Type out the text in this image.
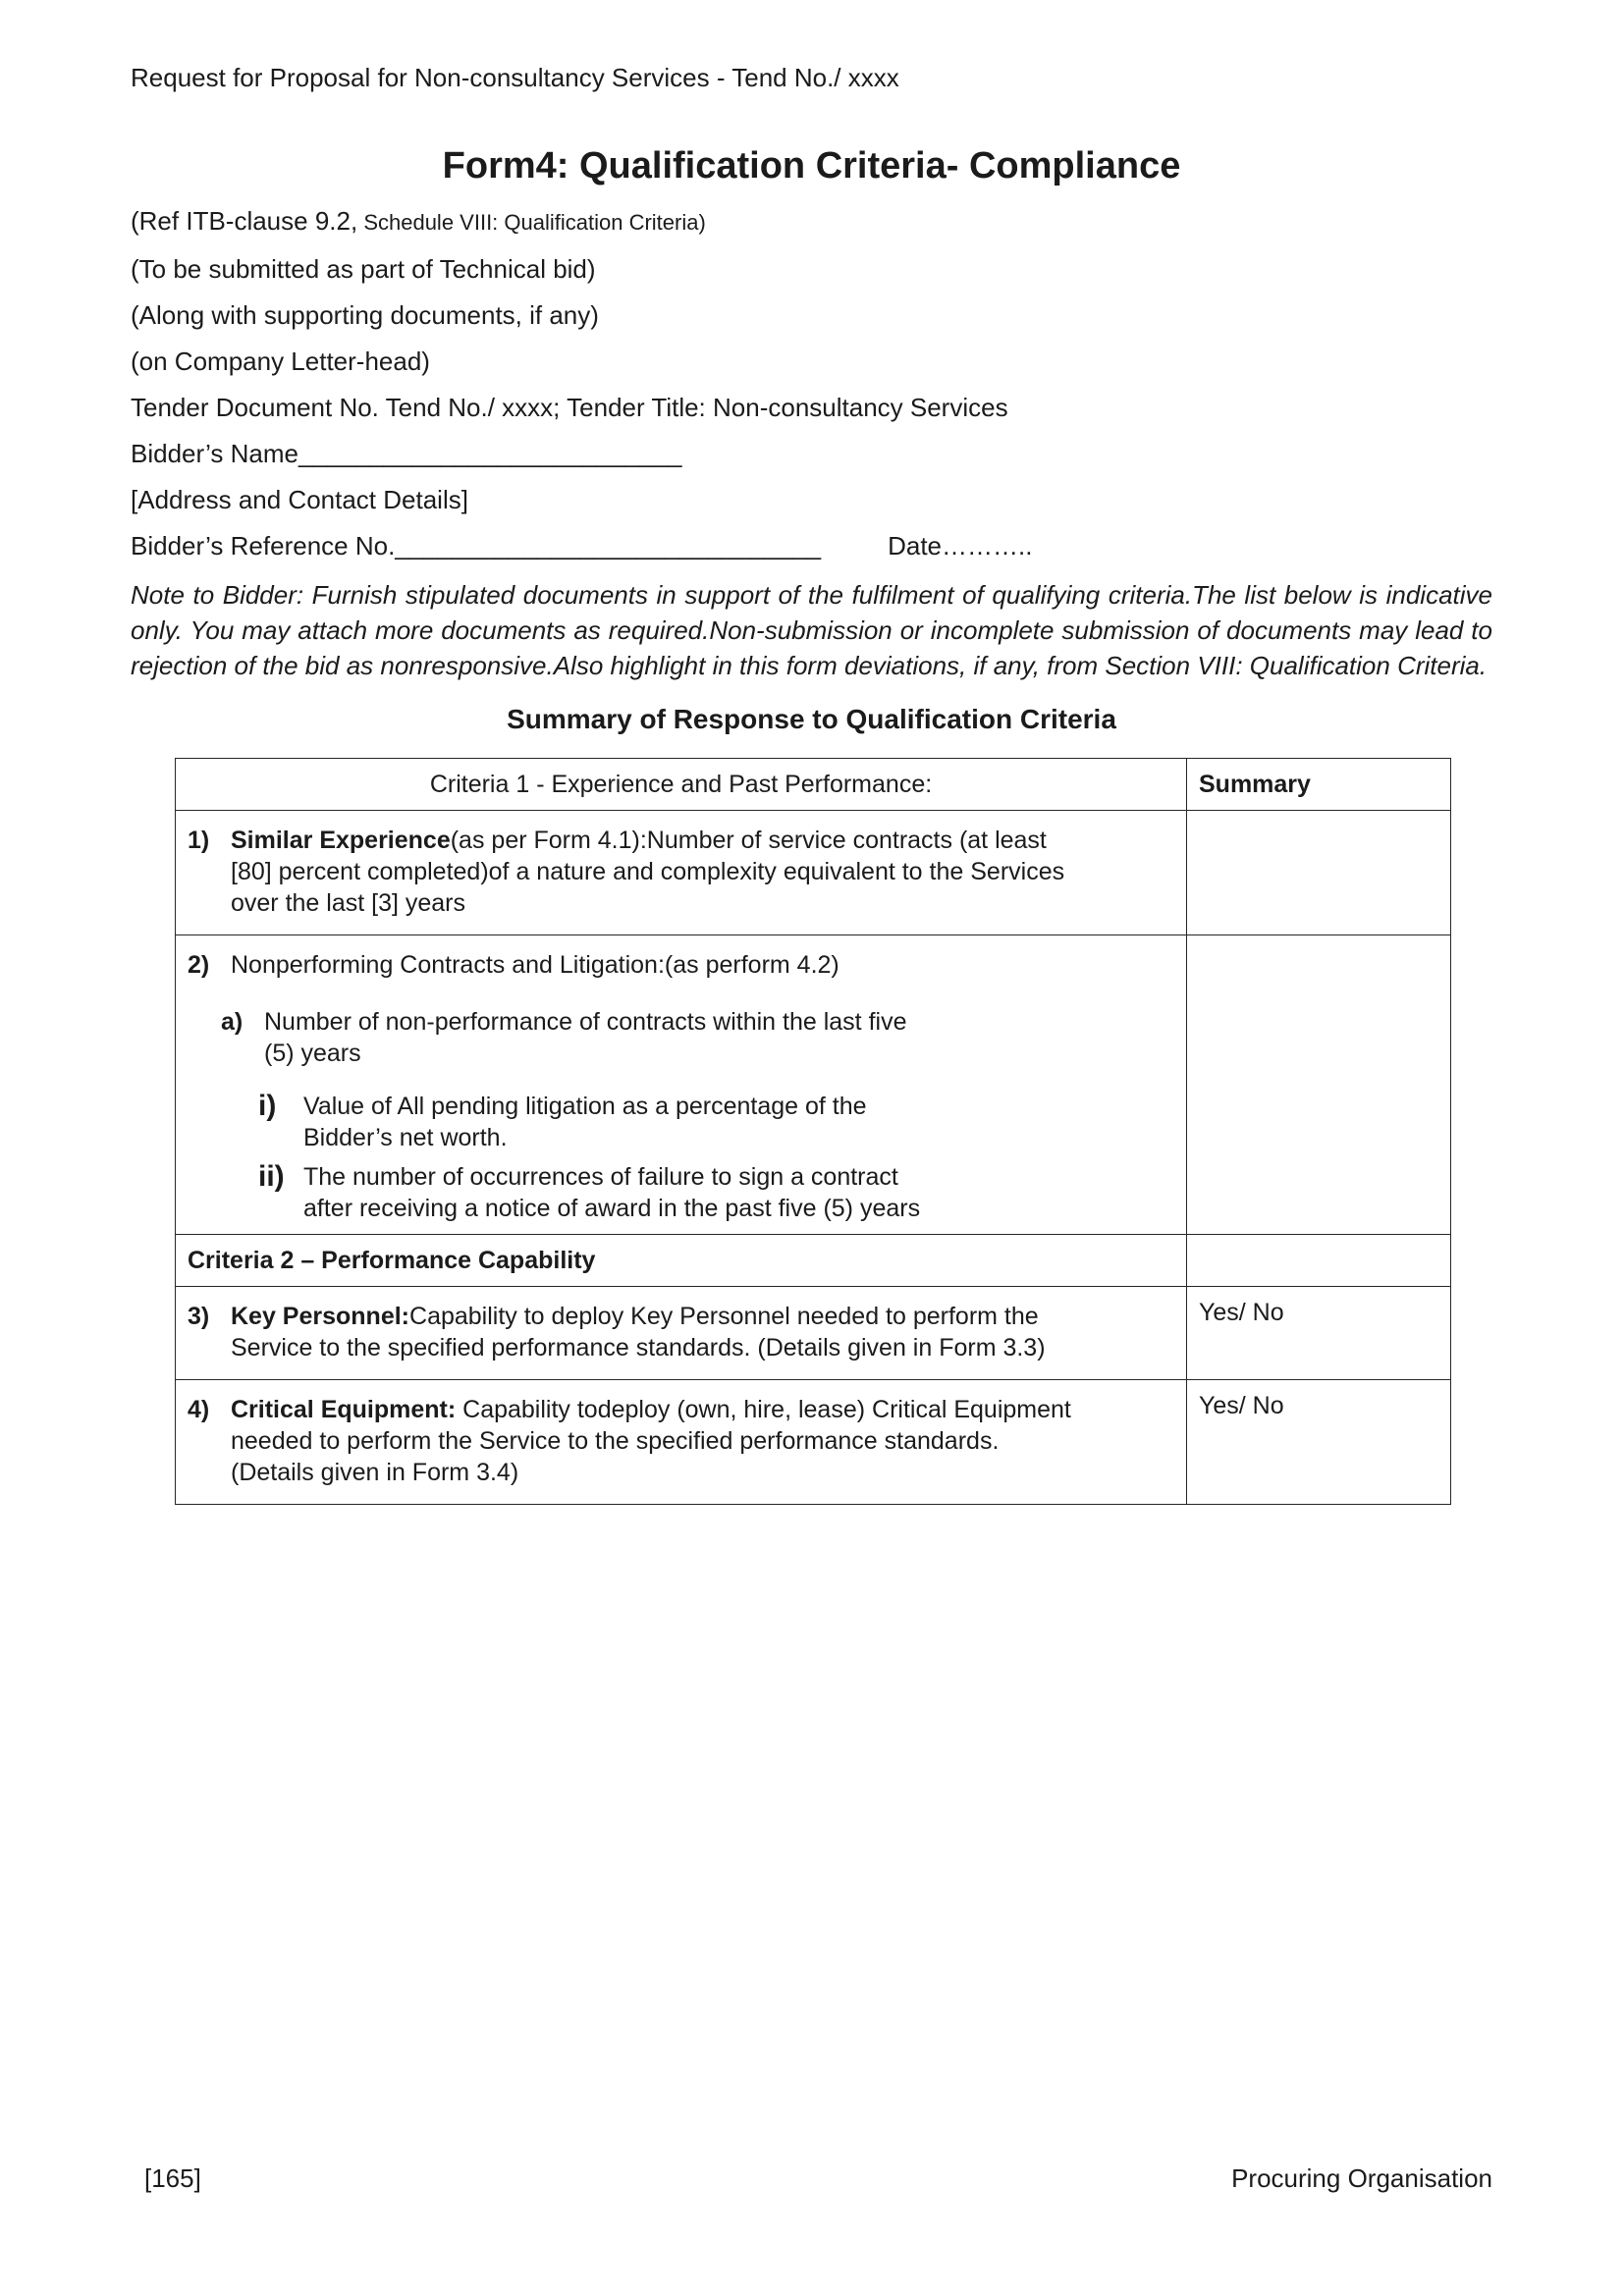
Request for Proposal for Non-consultancy Services - Tend No./ xxxx
Form4: Qualification Criteria- Compliance

(Ref ITB-clause 9.2, Schedule VIII: Qualification Criteria)

(To be submitted as part of Technical bid)

(Along with supporting documents, if any)

(on Company Letter-head)

Tender Document No. Tend No./ xxxx; Tender Title: Non-consultancy Services

Bidder’s Name___________________________

[Address and Contact Details]

Bidder’s Reference No.______________________________	Date………..

Note to Bidder: Furnish stipulated documents in support of the fulfilment of qualifying criteria.The list below is indicative only. You may attach more documents as required.Non-submission or incomplete submission of documents may lead to rejection of the bid as nonresponsive.Also highlight in this form deviations, if any, from Section VIII: Qualification Criteria.

Summary of Response to Qualification Criteria
Criteria 1 - Experience and Past Performance:	Summary

1) Similar Experience(as per Form 4.1):Number of service contracts (at least [80] percent completed)of a nature and complexity equivalent to the Services over the last [3] years	

2) Nonperforming Contracts and Litigation:(as perform 4.2)
a) Number of non-performance of contracts within the last five (5) years
i)	Value of All pending litigation as a percentage of the Bidder’s net worth.
ii) The number of occurrences of failure to sign a contract after receiving a notice of award in the past five (5) years

Criteria 2 – Performance Capability	

3) Key Personnel:Capability to deploy Key Personnel needed to perform the Service to the specified performance standards. (Details given in Form 3.3)	Yes/ No

4) Critical Equipment: Capability todeploy (own, hire, lease) Critical Equipment needed to perform the Service to the specified performance standards. (Details given in Form 3.4)	Yes/ No
[165]	Procuring Organisation
